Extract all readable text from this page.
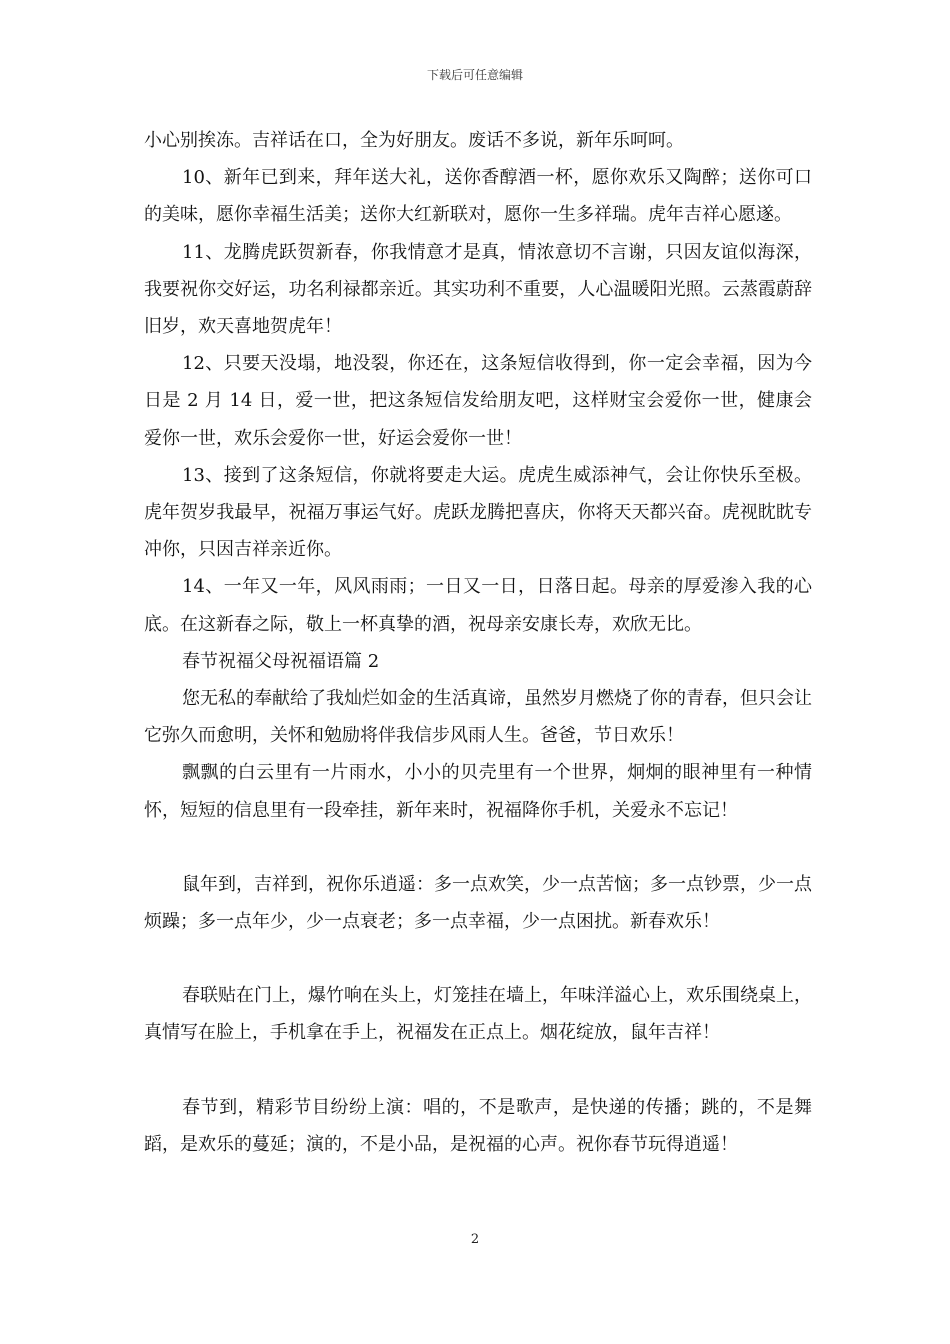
下载后可任意编辑

小心别挨冻。吉祥话在口，全为好朋友。废话不多说，新年乐呵呵。

10、新年已到来，拜年送大礼，送你香醇酒一杯，愿你欢乐又陶醉；送你可口的美味，愿你幸福生活美；送你大红新联对，愿你一生多祥瑞。虎年吉祥心愿遂。

11、龙腾虎跃贺新春，你我情意才是真，情浓意切不言谢，只因友谊似海深，我要祝你交好运，功名利禄都亲近。其实功利不重要，人心温暖阳光照。云蒸霞蔚辞旧岁，欢天喜地贺虎年！

12、只要天没塌，地没裂，你还在，这条短信收得到，你一定会幸福，因为今日是 2 月 14 日，爱一世，把这条短信发给朋友吧，这样财宝会爱你一世，健康会爱你一世，欢乐会爱你一世，好运会爱你一世！

13、接到了这条短信，你就将要走大运。虎虎生威添神气，会让你快乐至极。虎年贺岁我最早，祝福万事运气好。虎跃龙腾把喜庆，你将天天都兴奋。虎视眈眈专冲你，只因吉祥亲近你。

14、一年又一年，风风雨雨；一日又一日，日落日起。母亲的厚爱渗入我的心底。在这新春之际，敬上一杯真挚的酒，祝母亲安康长寿，欢欣无比。

春节祝福父母祝福语篇 2

您无私的奉献给了我灿烂如金的生活真谛，虽然岁月燃烧了你的青春，但只会让它弥久而愈明，关怀和勉励将伴我信步风雨人生。爸爸，节日欢乐！

飘飘的白云里有一片雨水，小小的贝壳里有一个世界，炯炯的眼神里有一种情怀，短短的信息里有一段牵挂，新年来时，祝福降你手机，关爱永不忘记！

鼠年到，吉祥到，祝你乐逍遥：多一点欢笑，少一点苦恼；多一点钞票，少一点烦躁；多一点年少，少一点衰老；多一点幸福，少一点困扰。新春欢乐！

春联贴在门上，爆竹响在头上，灯笼挂在墙上，年味洋溢心上，欢乐围绕桌上，真情写在脸上，手机拿在手上，祝福发在正点上。烟花绽放，鼠年吉祥！

春节到，精彩节目纷纷上演：唱的，不是歌声，是快递的传播；跳的，不是舞蹈，是欢乐的蔓延；演的，不是小品，是祝福的心声。祝你春节玩得逍遥！

2
